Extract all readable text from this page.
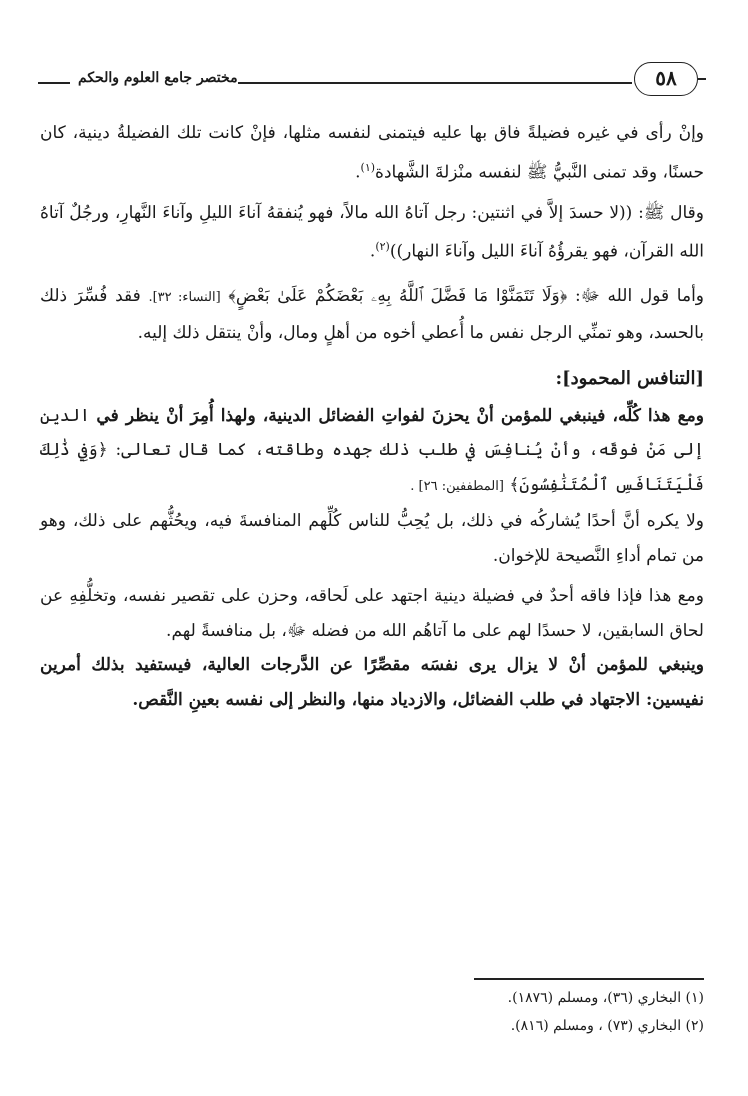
٥٨
مختصر جامع العلوم والحكم

وإنْ رأى في غيره فضيلةً فاق بها عليه فيتمنى لنفسه مثلها، فإنْ كانت تلك الفضيلةُ دينية، كان حسنًا، وقد تمنى النَّبيُّ ﷺ لنفسه منْزلةَ الشَّهادة$^{(١)}$.

وقال ﷺ: ((لا حسدَ إلاَّ في اثنتين: رجل آتاهُ الله مالاً، فهو يُنفقهُ آناءَ الليلِ وآناءَ النَّهارِ، ورجُلٌ آتاهُ الله القرآن، فهو يقرؤُهُ آناءَ الليل وآناءَ النهار))$^{(٢)}$.

وأما قول الله ﷻ: ﴿وَلَا تَتَمَنَّوْا مَا فَضَّلَ ٱللَّهُ بِهِۦ بَعْضَكُمْ عَلَىٰ بَعْضٍ﴾ [النساء: ٣٢]. فقد فُسِّرَ ذلك بالحسد، وهو تمنِّي الرجل نفس ما أُعطي أخوه من أهلٍ ومال، وأنْ ينتقل ذلك إليه.

[التنافس المحمود]:

ومع هذا كُلِّه، فينبغي للمؤمن أنْ يحزنَ لفواتِ الفضائل الدينية، ولهذا أُمِرَ أنْ ينظر في الدين إلى مَنْ فوقَه، وأنْ يُنافِسَ في طلب ذلك جهده وطاقته، كما قال تعالى: ﴿وَفِي ذَٰلِكَ فَلْيَتَنَافَسِ ٱلْمُتَنَٰفِسُونَ﴾ [المطففين: ٢٦] .

ولا يكره أنَّ أحدًا يُشاركُه في ذلك، بل يُحِبُّ للناس كُلِّهم المنافسةَ فيه، ويحُثُّهم على ذلك، وهو من تمام أداءِ النَّصيحة للإخوان.

ومع هذا فإذا فاقه أحدٌ في فضيلة دينية اجتهد على لَحاقه، وحزن على تقصير نفسه، وتخلُّفِهِ عن لحاق السابقين، لا حسدًا لهم على ما آتاهُم الله من فضله ﷻ، بل منافسةً لهم.

وينبغي للمؤمن أنْ لا يزال يرى نفسَه مقصِّرًا عن الدَّرجات العالية، فيستفيد بذلك أمرين نفيسين: الاجتهاد في طلب الفضائل، والازدياد منها، والنظر إلى نفسه بعينِ النَّقص.

(١) البخاري (٣٦)، ومسلم (١٨٧٦).
(٢) البخاري (٧٣) ، ومسلم (٨١٦).
